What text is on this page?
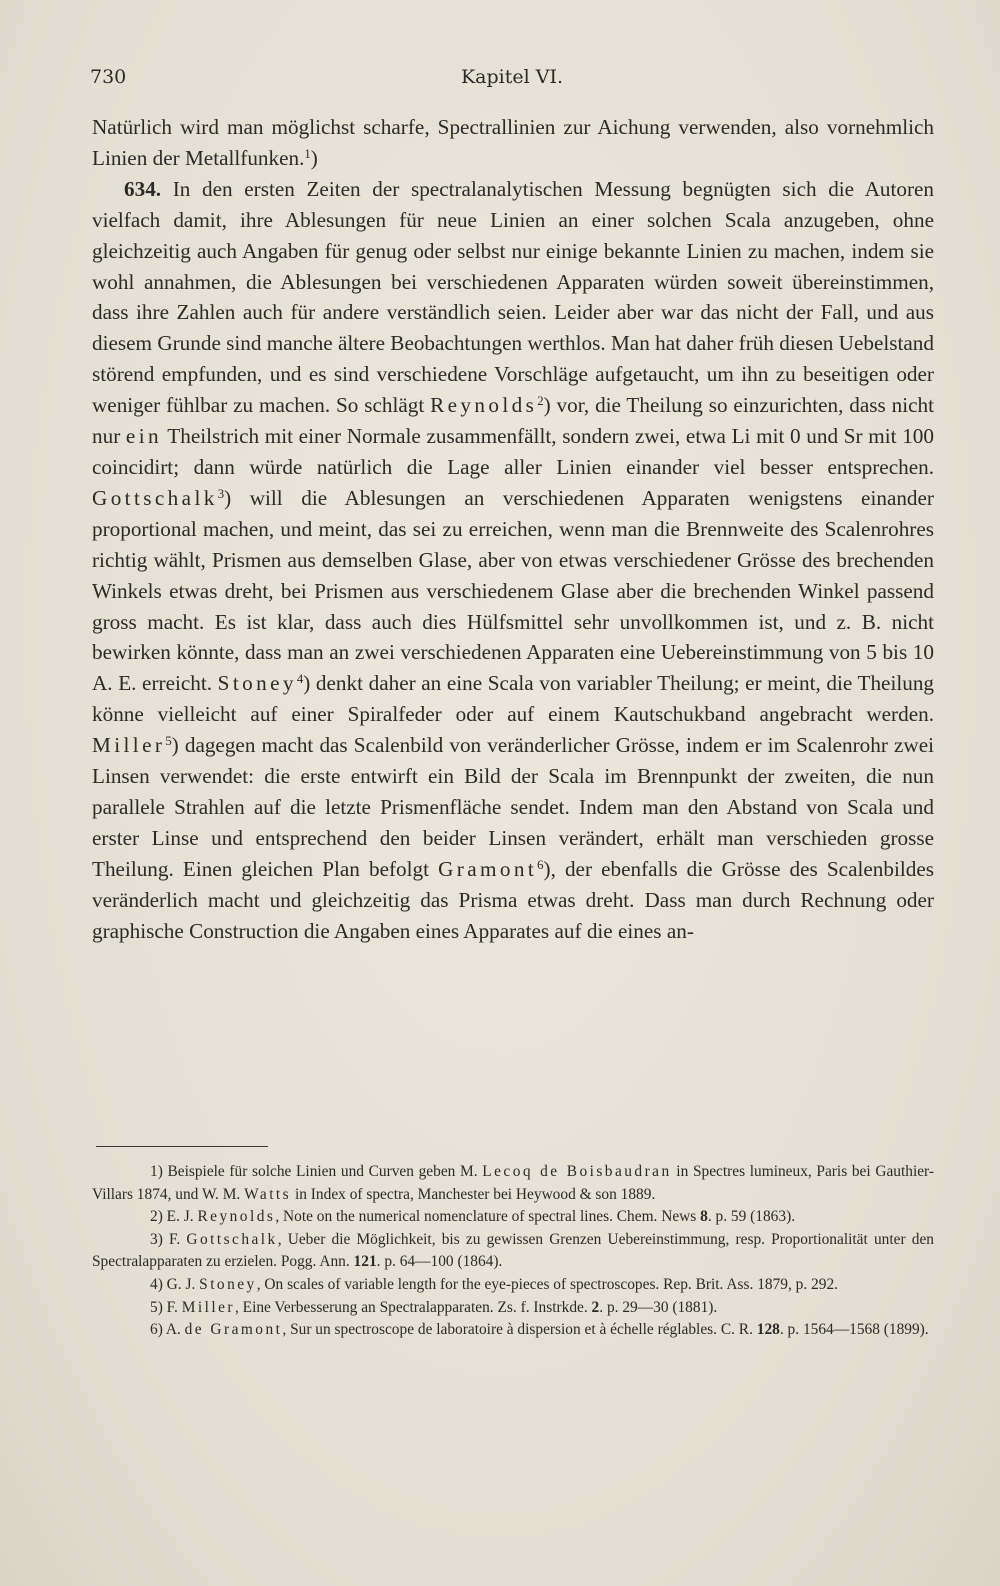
730	Kapitel VI.

Natürlich wird man möglichst scharfe, Spectrallinien zur Aichung verwenden, also vornehmlich Linien der Metallfunken.$^1$)

634. In den ersten Zeiten der spectralanalytischen Messung begnügten sich die Autoren vielfach damit, ihre Ablesungen für neue Linien an einer solchen Scala anzugeben, ohne gleichzeitig auch Angaben für genug oder selbst nur einige bekannte Linien zu machen, indem sie wohl annahmen, die Ablesungen bei verschiedenen Apparaten würden soweit übereinstimmen, dass ihre Zahlen auch für andere verständlich seien. Leider aber war das nicht der Fall, und aus diesem Grunde sind manche ältere Beobachtungen werthlos. Man hat daher früh diesen Uebelstand störend empfunden, und es sind verschiedene Vorschläge aufgetaucht, um ihn zu beseitigen oder weniger fühlbar zu machen. So schlägt Reynolds$^2$) vor, die Theilung so einzurichten, dass nicht nur ein Theilstrich mit einer Normale zusammenfällt, sondern zwei, etwa Li mit 0 und Sr mit 100 coincidirt; dann würde natürlich die Lage aller Linien einander viel besser entsprechen. Gottschalk$^3$) will die Ablesungen an verschiedenen Apparaten wenigstens einander proportional machen, und meint, das sei zu erreichen, wenn man die Brennweite des Scalenrohres richtig wählt, Prismen aus demselben Glase, aber von etwas verschiedener Grösse des brechenden Winkels etwas dreht, bei Prismen aus verschiedenem Glase aber die brechenden Winkel passend gross macht. Es ist klar, dass auch dies Hülfsmittel sehr unvollkommen ist, und z. B. nicht bewirken könnte, dass man an zwei verschiedenen Apparaten eine Uebereinstimmung von 5 bis 10 A. E. erreicht. Stoney$^4$) denkt daher an eine Scala von variabler Theilung; er meint, die Theilung könne vielleicht auf einer Spiralfeder oder auf einem Kautschukband angebracht werden. Miller$^5$) dagegen macht das Scalenbild von veränderlicher Grösse, indem er im Scalenrohr zwei Linsen verwendet: die erste entwirft ein Bild der Scala im Brennpunkt der zweiten, die nun parallele Strahlen auf die letzte Prismenfläche sendet. Indem man den Abstand von Scala und erster Linse und entsprechend den beider Linsen verändert, erhält man verschieden grosse Theilung. Einen gleichen Plan befolgt Gramont$^6$), der ebenfalls die Grösse des Scalenbildes veränderlich macht und gleichzeitig das Prisma etwas dreht. Dass man durch Rechnung oder graphische Construction die Angaben eines Apparates auf die eines an-

1) Beispiele für solche Linien und Curven geben M. Lecoq de Boisbaudran in Spectres lumineux, Paris bei Gauthier-Villars 1874, und W. M. Watts in Index of spectra, Manchester bei Heywood & son 1889.

2) E. J. Reynolds, Note on the numerical nomenclature of spectral lines. Chem. News 8. p. 59 (1863).

3) F. Gottschalk, Ueber die Möglichkeit, bis zu gewissen Grenzen Uebereinstimmung, resp. Proportionalität unter den Spectralapparaten zu erzielen. Pogg. Ann. 121. p. 64—100 (1864).

4) G. J. Stoney, On scales of variable length for the eye-pieces of spectroscopes. Rep. Brit. Ass. 1879, p. 292.

5) F. Miller, Eine Verbesserung an Spectralapparaten. Zs. f. Instrkde. 2. p. 29—30 (1881).

6) A. de Gramont, Sur un spectroscope de laboratoire à dispersion et à échelle réglables. C. R. 128. p. 1564—1568 (1899).
